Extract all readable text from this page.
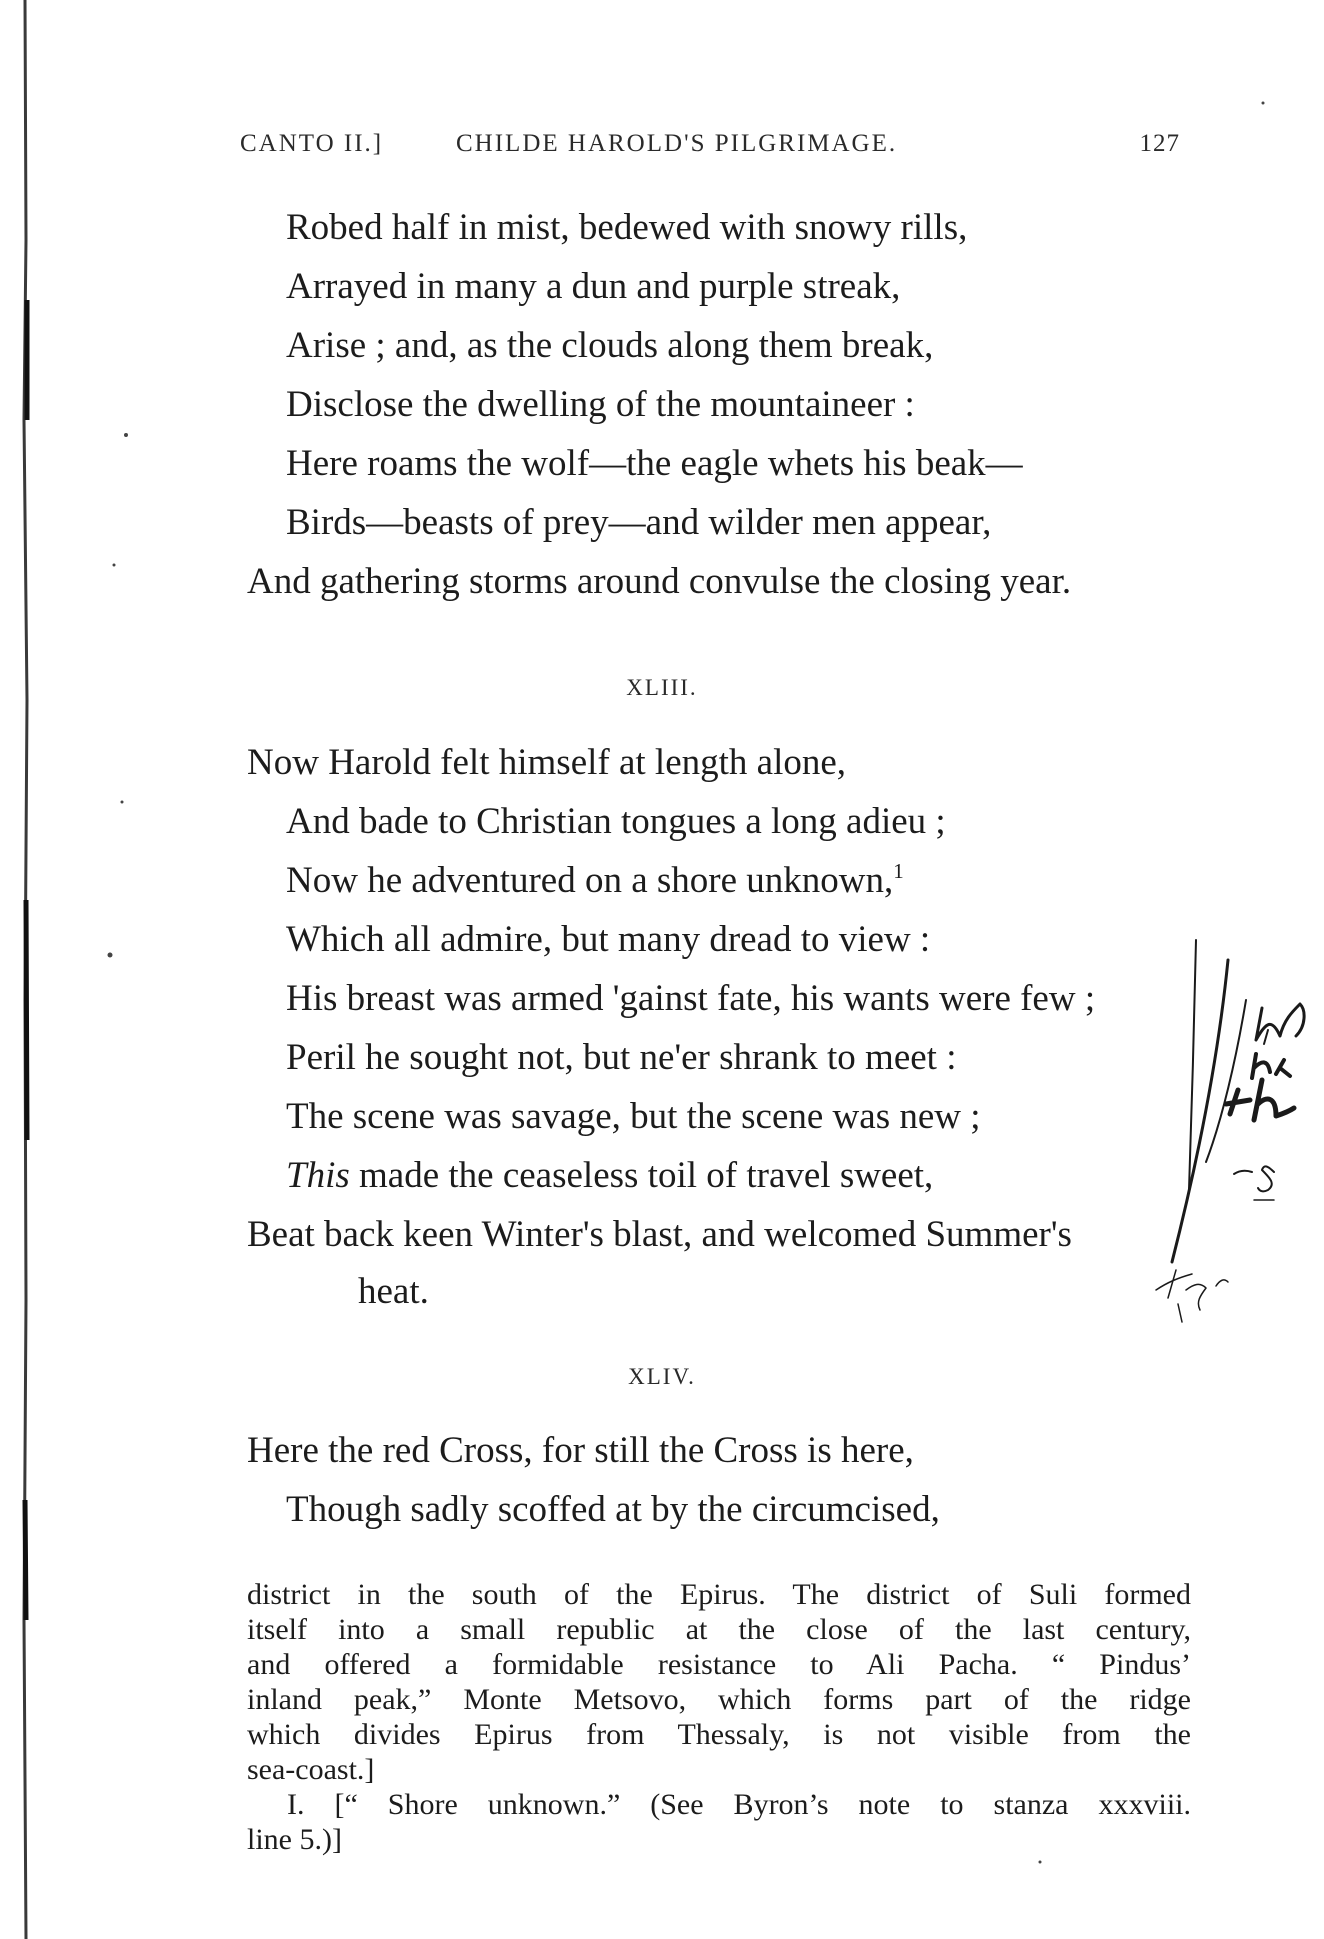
CANTO II.]	CHILDE HAROLD'S PILGRIMAGE.	127
Robed half in mist, bedewed with snowy rills,
Arrayed in many a dun and purple streak,
Arise ; and, as the clouds along them break,
Disclose the dwelling of the mountaineer :
Here roams the wolf—the eagle whets his beak—
Birds—beasts of prey—and wilder men appear,
And gathering storms around convulse the closing year.
XLIII.
Now Harold felt himself at length alone,
And bade to Christian tongues a long adieu ;
Now he adventured on a shore unknown,$^1$
Which all admire, but many dread to view :
His breast was armed 'gainst fate, his wants were few ;
Peril he sought not, but ne'er shrank to meet :
The scene was savage, but the scene was new ;
This made the ceaseless toil of travel sweet,
Beat back keen Winter's blast, and welcomed Summer's
heat.
XLIV.
Here the red Cross, for still the Cross is here,
Though sadly scoffed at by the circumcised,
district in the south of the Epirus. The district of Suli formed
itself into a small republic at the close of the last century,
and offered a formidable resistance to Ali Pacha. “ Pindus’
inland peak,” Monte Metsovo, which forms part of the ridge
which divides Epirus from Thessaly, is not visible from the
sea-coast.]
I. [“ Shore unknown.” (See Byron’s note to stanza xxxviii.
line 5.)]
